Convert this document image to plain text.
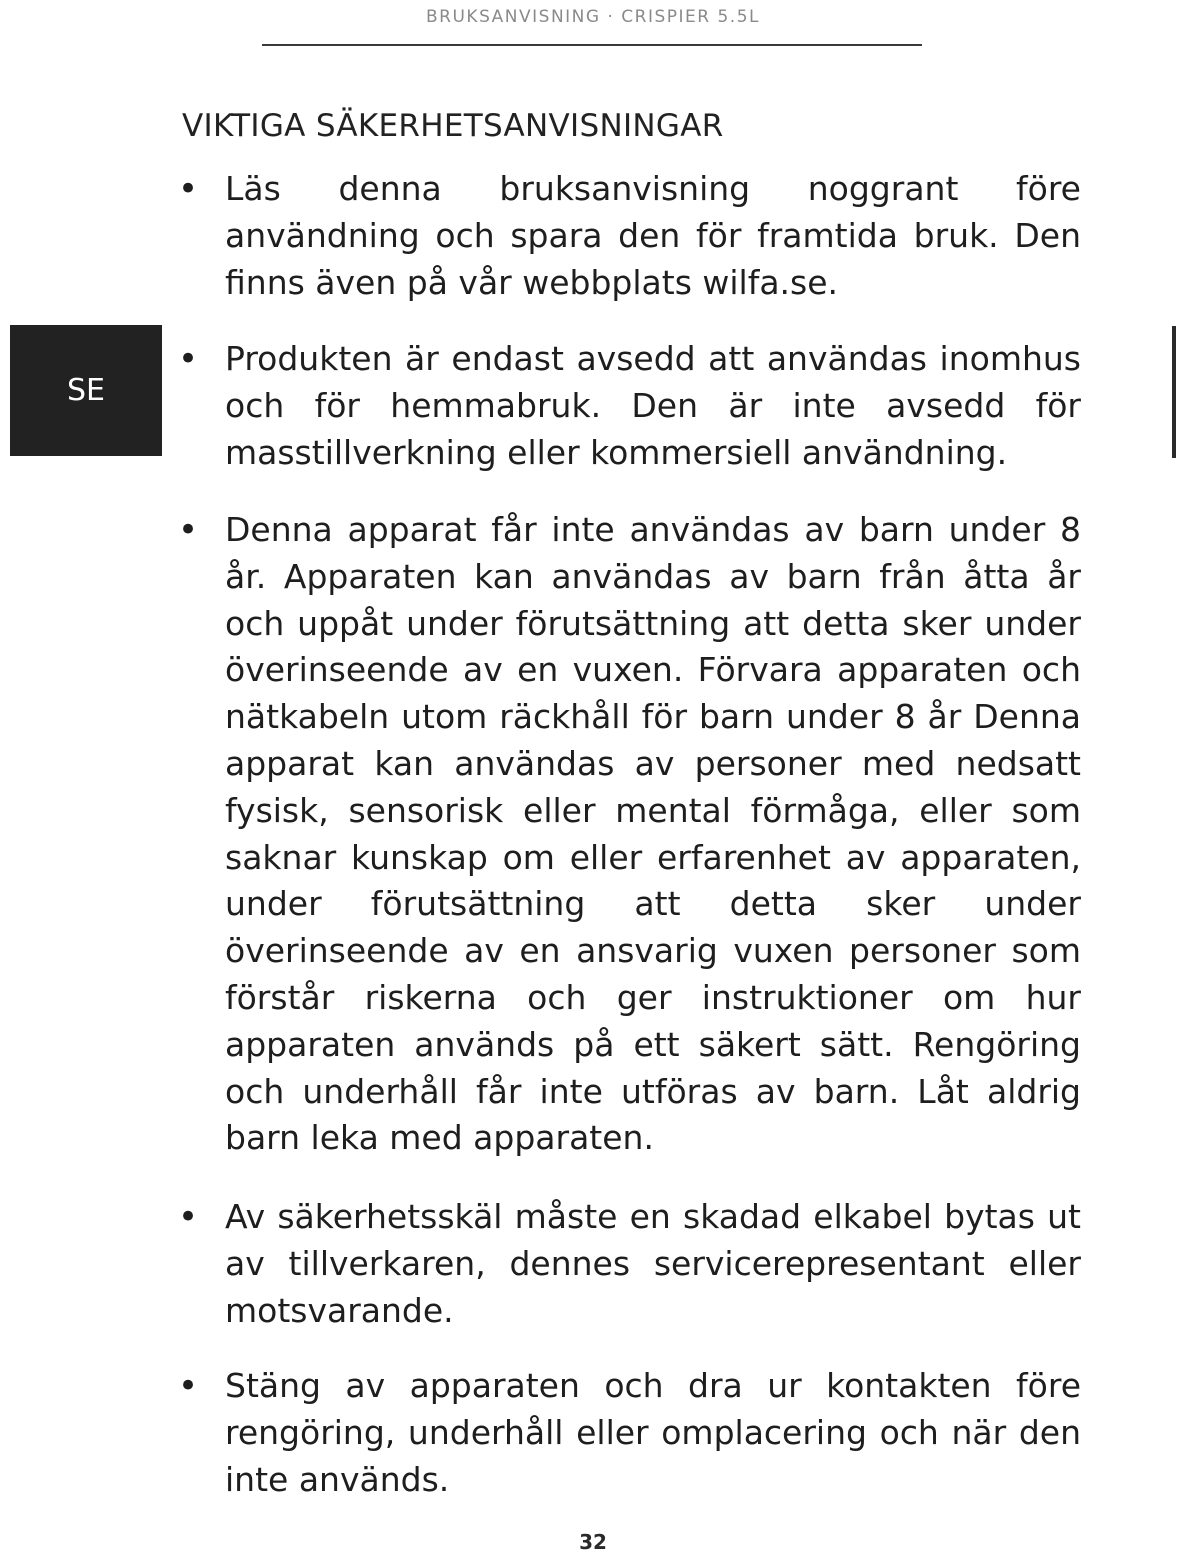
BRUKSANVISNING · CRISPIER 5.5L
SE
VIKTIGA SÄKERHETSANVISNINGAR
• Läs denna bruksanvisning noggrant före användning och spara den för framtida bruk. Den finns även på vår webbplats wilfa.se.
• Produkten är endast avsedd att användas inomhus och för hemmabruk. Den är inte avsedd för masstillverkning eller kommersiell användning.
• Denna apparat får inte användas av barn under 8 år. Apparaten kan användas av barn från åtta år och uppåt under förutsättning att detta sker under överinseende av en vuxen. Förvara apparaten och nätkabeln utom räckhåll för barn under 8 år Denna apparat kan användas av personer med nedsatt fysisk, sensorisk eller mental förmåga, eller som saknar kunskap om eller erfarenhet av apparaten, under förutsättning att detta sker under överinseende av en ansvarig vuxen personer som förstår riskerna och ger instruktioner om hur apparaten används på ett säkert sätt. Rengöring och underhåll får inte utföras av barn. Låt aldrig barn leka med apparaten.
• Av säkerhetsskäl måste en skadad elkabel bytas ut av tillverkaren, dennes servicerepresentant eller motsvarande.
• Stäng av apparaten och dra ur kontakten före rengöring, underhåll eller omplacering och när den inte används.
32
